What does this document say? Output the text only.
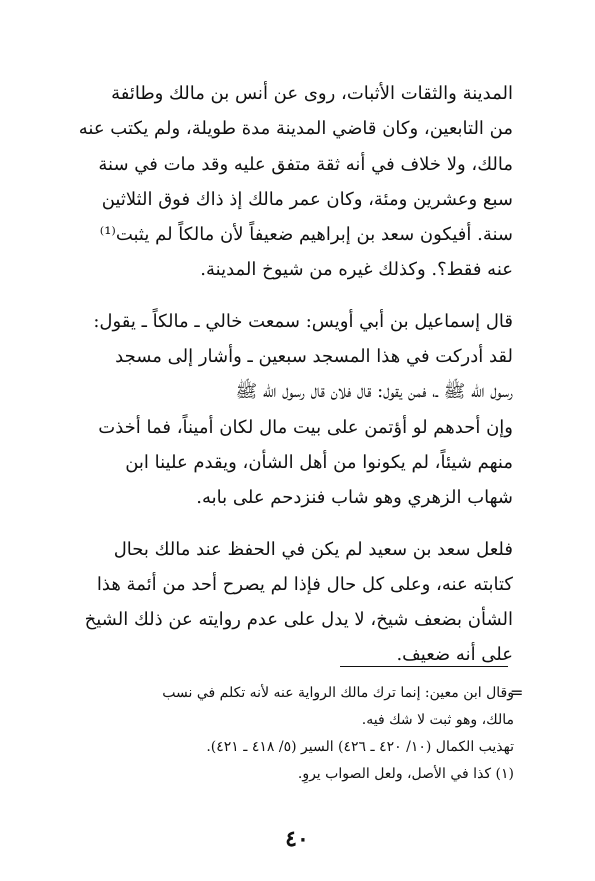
المدينة والثقات الأثبات، روى عن أنس بن مالك وطائفة
من التابعين، وكان قاضي المدينة مدة طويلة، ولم يكتب عنه
مالك، ولا خلاف في أنه ثقة متفق عليه وقد مات في سنة
سبع وعشرين ومئة، وكان عمر مالك إذ ذاك فوق الثلاثين
سنة. أفيكون سعد بن إبراهيم ضعيفاً لأن مالكاً لم يثبت⁽¹⁾
عنه فقط؟. وكذلك غيره من شيوخ المدينة.
قال إسماعيل بن أبي أويس: سمعت خالي ـ مالكاً ـ يقول:
لقد أدركت في هذا المسجد سبعين ـ وأشار إلى مسجد
رسول الله ﷺ ـ، فمن يقول: قال فلان قال رسول الله ﷺ
وإن أحدهم لو أؤتمن على بيت مال لكان أميناً، فما أخذت
منهم شيئاً، لم يكونوا من أهل الشأن، ويقدم علينا ابن
شهاب الزهري وهو شاب فنزدحم على بابه.
فلعل سعد بن سعيد لم يكن في الحفظ عند مالك بحال
كتابته عنه، وعلى كل حال فإذا لم يصرح أحد من أئمة هذا
الشأن بضعف شيخ، لا يدل على عدم روايته عن ذلك الشيخ
على أنه ضعيف.
=
وقال ابن معين: إنما ترك مالك الرواية عنه لأنه تكلم في نسب
مالك، وهو ثبت لا شك فيه.
تهذيب الكمال (١٠/ ٤٢٠ ـ ٤٢٦) السير (٥/ ٤١٨ ـ ٤٢١).
(١) كذا في الأصل، ولعل الصواب يروِ.
٤٠
